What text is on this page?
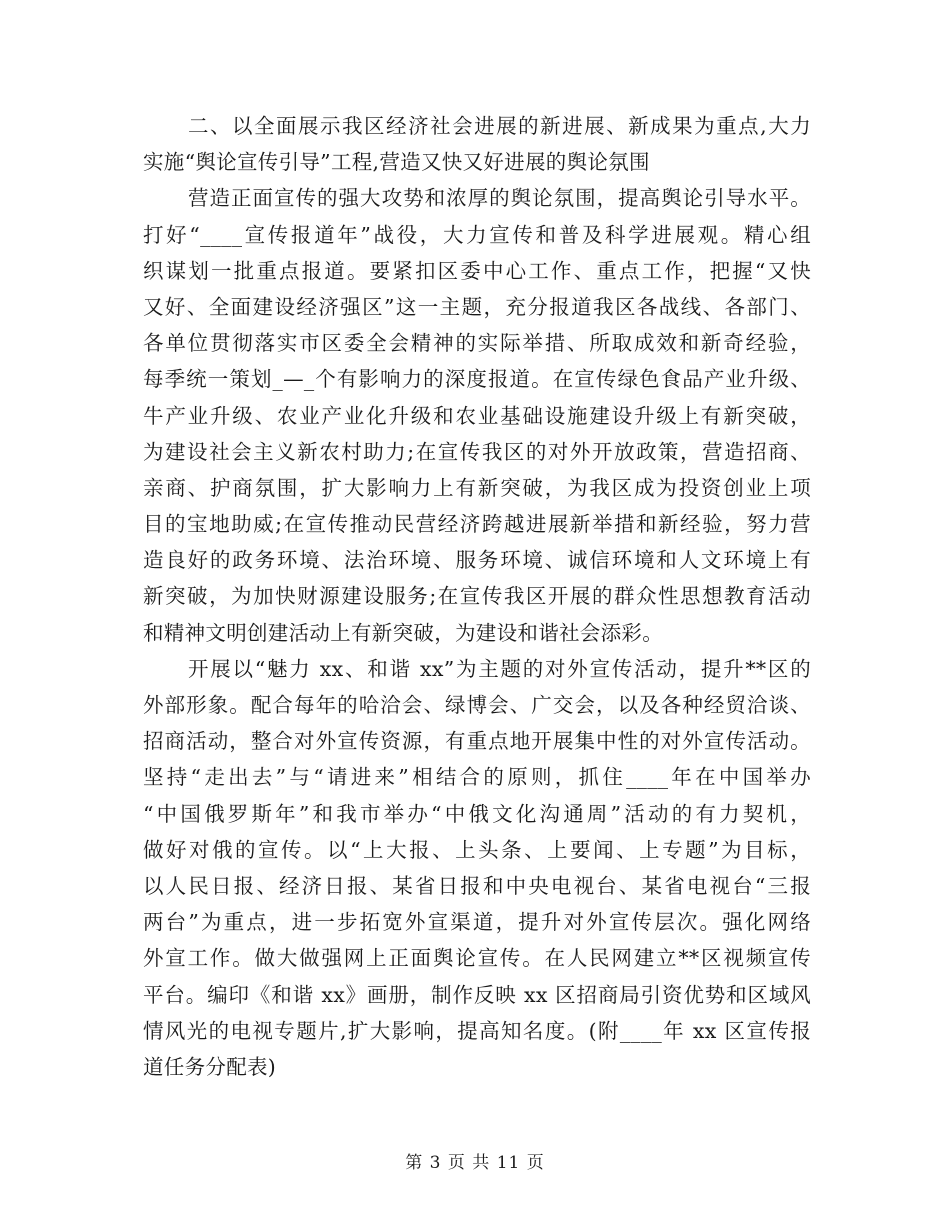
二、以全面展示我区经济社会进展的新进展、新成果为重点,大力
实施“舆论宣传引导”工程,营造又快又好进展的舆论氛围
营造正面宣传的强大攻势和浓厚的舆论氛围，提高舆论引导水平。
打好“____宣传报道年”战役，大力宣传和普及科学进展观。精心组
织谋划一批重点报道。要紧扣区委中心工作、重点工作，把握“又快
又好、全面建设经济强区”这一主题，充分报道我区各战线、各部门、
各单位贯彻落实市区委全会精神的实际举措、所取成效和新奇经验，
每季统一策划_—_个有影响力的深度报道。在宣传绿色食品产业升级、
牛产业升级、农业产业化升级和农业基础设施建设升级上有新突破，
为建设社会主义新农村助力;在宣传我区的对外开放政策，营造招商、
亲商、护商氛围，扩大影响力上有新突破，为我区成为投资创业上项
目的宝地助威;在宣传推动民营经济跨越进展新举措和新经验，努力营
造良好的政务环境、法治环境、服务环境、诚信环境和人文环境上有
新突破，为加快财源建设服务;在宣传我区开展的群众性思想教育活动
和精神文明创建活动上有新突破，为建设和谐社会添彩。
开展以“魅力 xx、和谐 xx”为主题的对外宣传活动，提升**区的
外部形象。配合每年的哈洽会、绿博会、广交会，以及各种经贸洽谈、
招商活动，整合对外宣传资源，有重点地开展集中性的对外宣传活动。
坚持“走出去”与“请进来”相结合的原则，抓住____年在中国举办
“中国俄罗斯年”和我市举办“中俄文化沟通周”活动的有力契机，
做好对俄的宣传。以“上大报、上头条、上要闻、上专题”为目标，
以人民日报、经济日报、某省日报和中央电视台、某省电视台“三报
两台”为重点，进一步拓宽外宣渠道，提升对外宣传层次。强化网络
外宣工作。做大做强网上正面舆论宣传。在人民网建立**区视频宣传
平台。编印《和谐 xx》画册，制作反映 xx 区招商局引资优势和区域风
情风光的电视专题片,扩大影响，提高知名度。(附____年 xx 区宣传报
道任务分配表)
第 3 页 共 11 页
